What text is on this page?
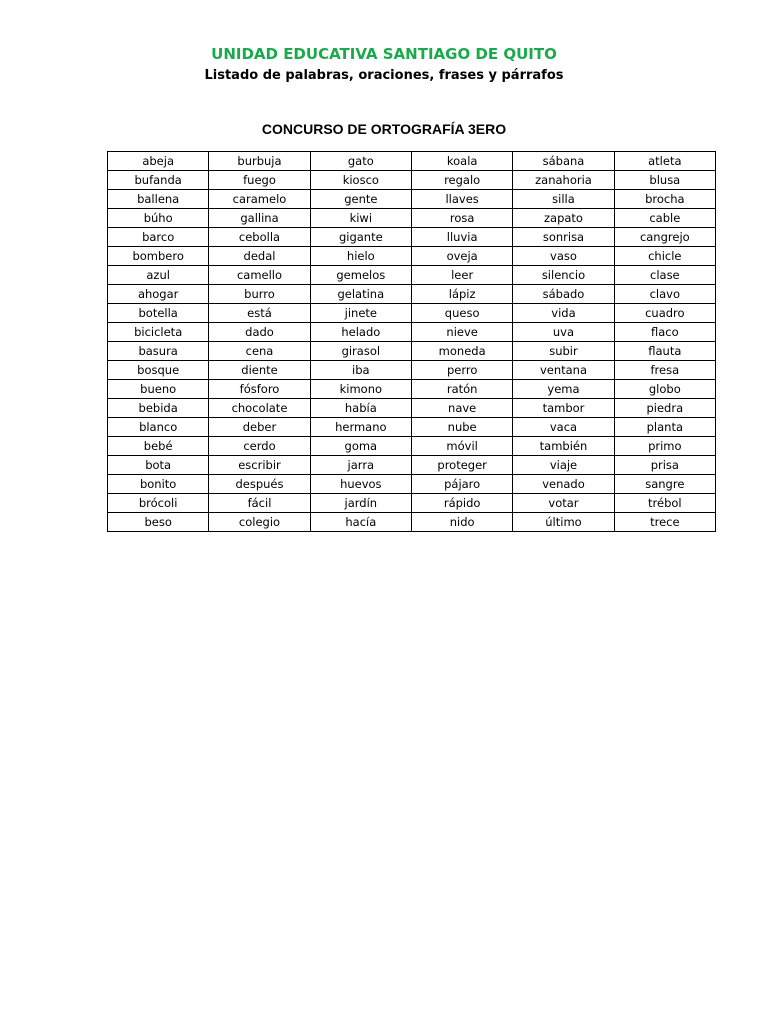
UNIDAD EDUCATIVA SANTIAGO DE QUITO
Listado de palabras, oraciones, frases y párrafos
CONCURSO DE ORTOGRAFÍA 3ERO
abeja	burbuja	gato	koala	sábana	atleta
bufanda	fuego	kiosco	regalo	zanahoria	blusa
ballena	caramelo	gente	llaves	silla	brocha
búho	gallina	kiwi	rosa	zapato	cable
barco	cebolla	gigante	lluvia	sonrisa	cangrejo
bombero	dedal	hielo	oveja	vaso	chicle
azul	camello	gemelos	leer	silencio	clase
ahogar	burro	gelatina	lápiz	sábado	clavo
botella	está	jinete	queso	vida	cuadro
bicicleta	dado	helado	nieve	uva	flaco
basura	cena	girasol	moneda	subir	flauta
bosque	diente	iba	perro	ventana	fresa
bueno	fósforo	kimono	ratón	yema	globo
bebida	chocolate	había	nave	tambor	piedra
blanco	deber	hermano	nube	vaca	planta
bebé	cerdo	goma	móvil	también	primo
bota	escribir	jarra	proteger	viaje	prisa
bonito	después	huevos	pájaro	venado	sangre
brócoli	fácil	jardín	rápido	votar	trébol
beso	colegio	hacía	nido	último	trece
